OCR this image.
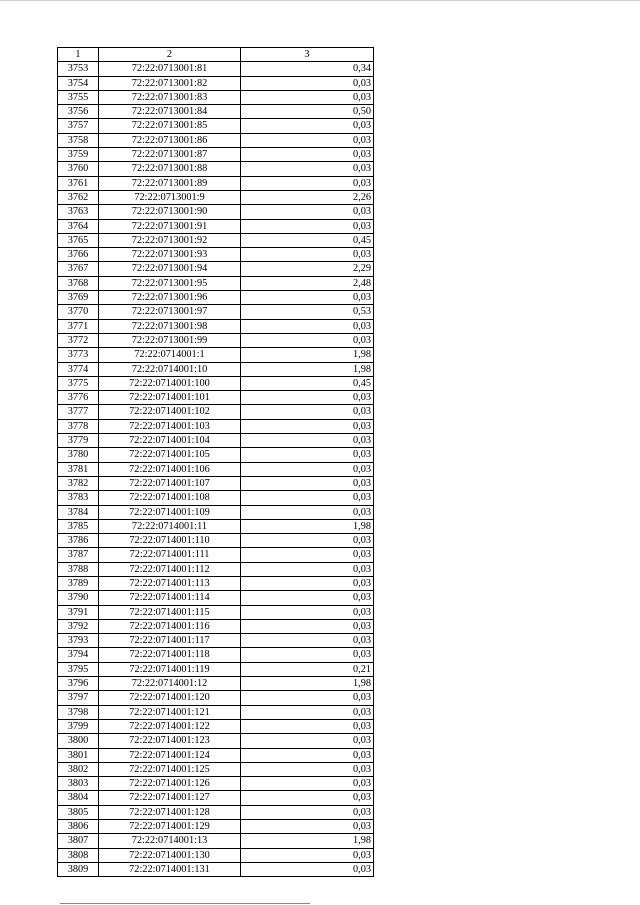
1	2	3
3753	72:22:0713001:81	0,34
3754	72:22:0713001:82	0,03
3755	72:22:0713001:83	0,03
3756	72:22:0713001:84	0,50
3757	72:22:0713001:85	0,03
3758	72:22:0713001:86	0,03
3759	72:22:0713001:87	0,03
3760	72:22:0713001:88	0,03
3761	72:22:0713001:89	0,03
3762	72:22:0713001:9	2,26
3763	72:22:0713001:90	0,03
3764	72:22:0713001:91	0,03
3765	72:22:0713001:92	0,45
3766	72:22:0713001:93	0,03
3767	72:22:0713001:94	2,29
3768	72:22:0713001:95	2,48
3769	72:22:0713001:96	0,03
3770	72:22:0713001:97	0,53
3771	72:22:0713001:98	0,03
3772	72:22:0713001:99	0,03
3773	72:22:0714001:1	1,98
3774	72:22:0714001:10	1,98
3775	72:22:0714001:100	0,45
3776	72:22:0714001:101	0,03
3777	72:22:0714001:102	0,03
3778	72:22:0714001:103	0,03
3779	72:22:0714001:104	0,03
3780	72:22:0714001:105	0,03
3781	72:22:0714001:106	0,03
3782	72:22:0714001:107	0,03
3783	72:22:0714001:108	0,03
3784	72:22:0714001:109	0,03
3785	72:22:0714001:11	1,98
3786	72:22:0714001:110	0,03
3787	72:22:0714001:111	0,03
3788	72:22:0714001:112	0,03
3789	72:22:0714001:113	0,03
3790	72:22:0714001:114	0,03
3791	72:22:0714001:115	0,03
3792	72:22:0714001:116	0,03
3793	72:22:0714001:117	0,03
3794	72:22:0714001:118	0,03
3795	72:22:0714001:119	0,21
3796	72:22:0714001:12	1,98
3797	72:22:0714001:120	0,03
3798	72:22:0714001:121	0,03
3799	72:22:0714001:122	0,03
3800	72:22:0714001:123	0,03
3801	72:22:0714001:124	0,03
3802	72:22:0714001:125	0,03
3803	72:22:0714001:126	0,03
3804	72:22:0714001:127	0,03
3805	72:22:0714001:128	0,03
3806	72:22:0714001:129	0,03
3807	72:22:0714001:13	1,98
3808	72:22:0714001:130	0,03
3809	72:22:0714001:131	0,03
